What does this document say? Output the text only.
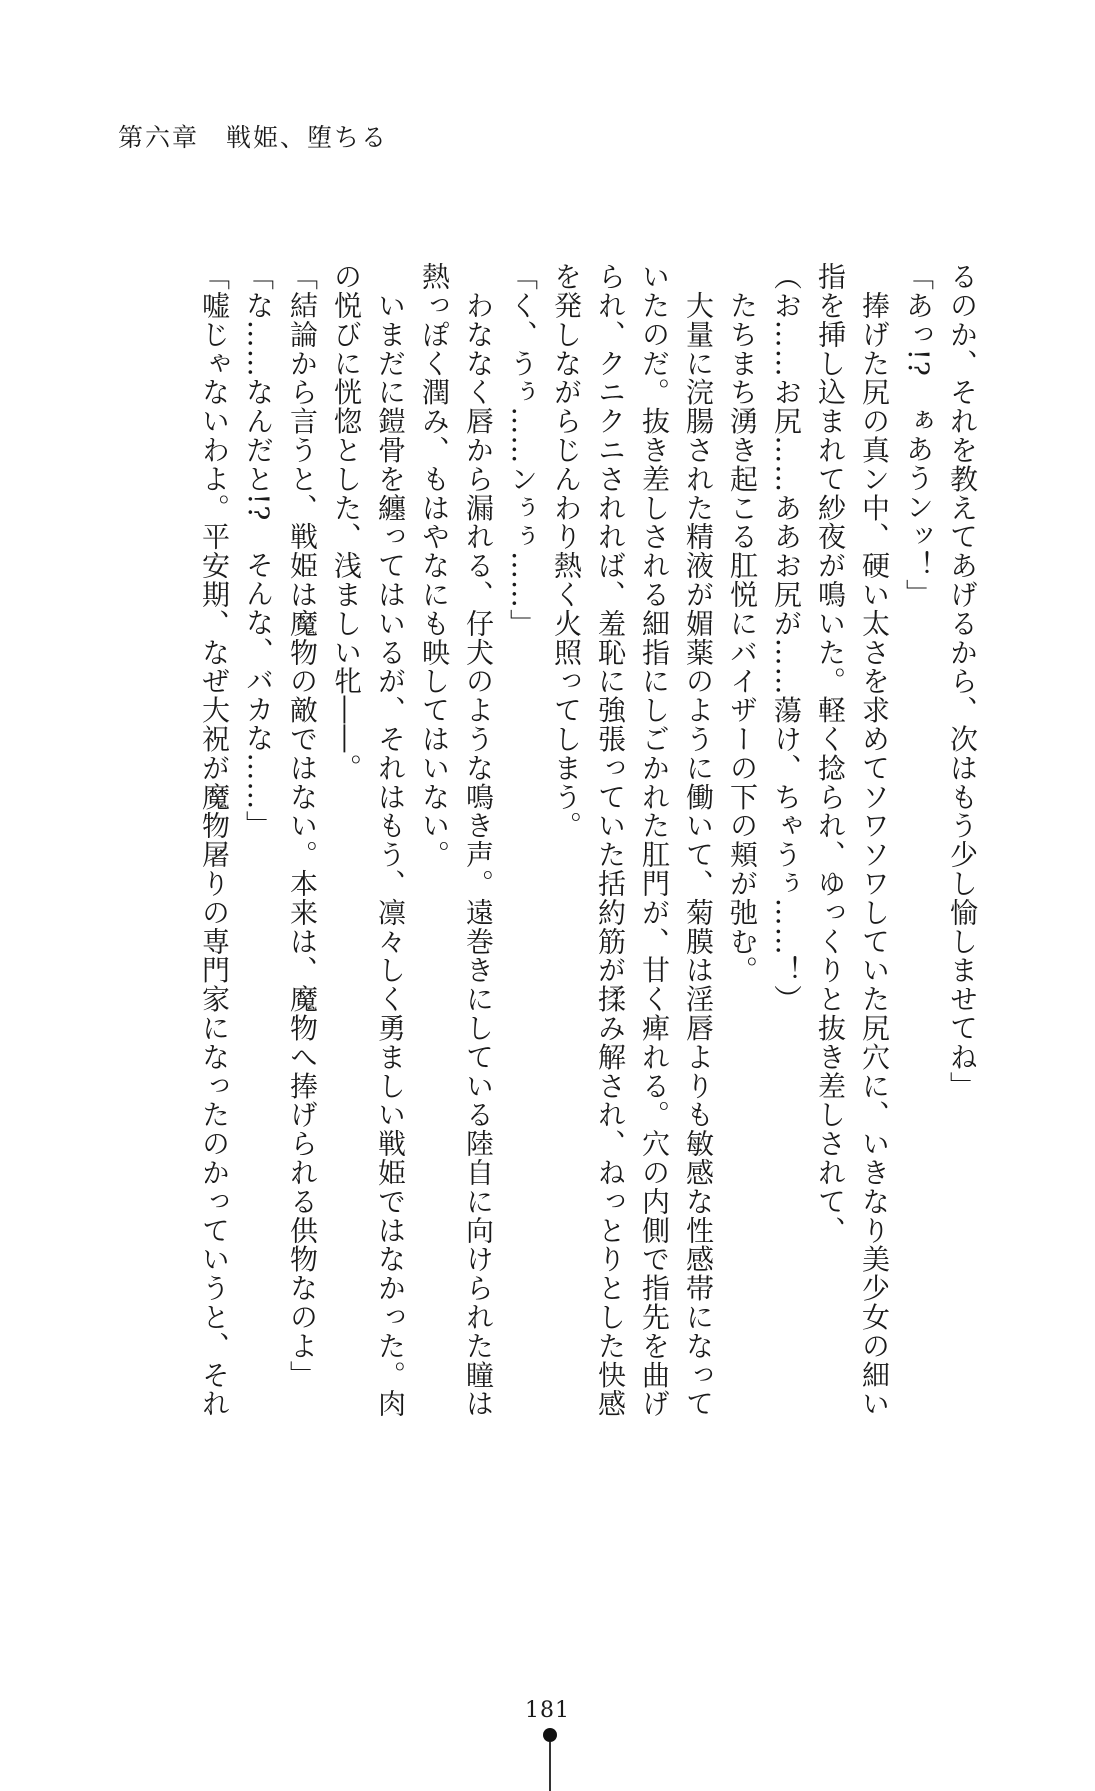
第六章　戦姫、堕ちる
るのか、それを教えてあげるから、次はもう少し愉しませてね」
「あっ!?　ぁあうンッ！」
　捧げた尻の真ン中、硬い太さを求めてソワソワしていた尻穴に、いきなり美少女の細い
指を挿し込まれて紗夜が鳴いた。軽く捻られ、ゆっくりと抜き差しされて、
（お……お尻……ああお尻が……蕩け、ちゃうぅ……！）
　たちまち湧き起こる肛悦にバイザーの下の頬が弛む。
　大量に浣腸された精液が媚薬のように働いて、菊膜は淫唇よりも敏感な性感帯になって
いたのだ。抜き差しされる細指にしごかれた肛門が、甘く痺れる。穴の内側で指先を曲げ
られ、クニクニされれば、羞恥に強張っていた括約筋が揉み解され、ねっとりとした快感
を発しながらじんわり熱く火照ってしまう。
「く、うぅ……ンぅぅ……」
　わななく唇から漏れる、仔犬のような鳴き声。遠巻きにしている陸自に向けられた瞳は
熱っぽく潤み、もはやなにも映してはいない。
　いまだに鎧骨を纏ってはいるが、それはもう、凛々しく勇ましい戦姫ではなかった。肉
の悦びに恍惚とした、浅ましい牝――。
「結論から言うと、戦姫は魔物の敵ではない。本来は、魔物へ捧げられる供物なのよ」
「な……なんだと!?　そんな、バカな……」
「嘘じゃないわよ。平安期、なぜ大祝が魔物屠りの専門家になったのかっていうと、それ
181
